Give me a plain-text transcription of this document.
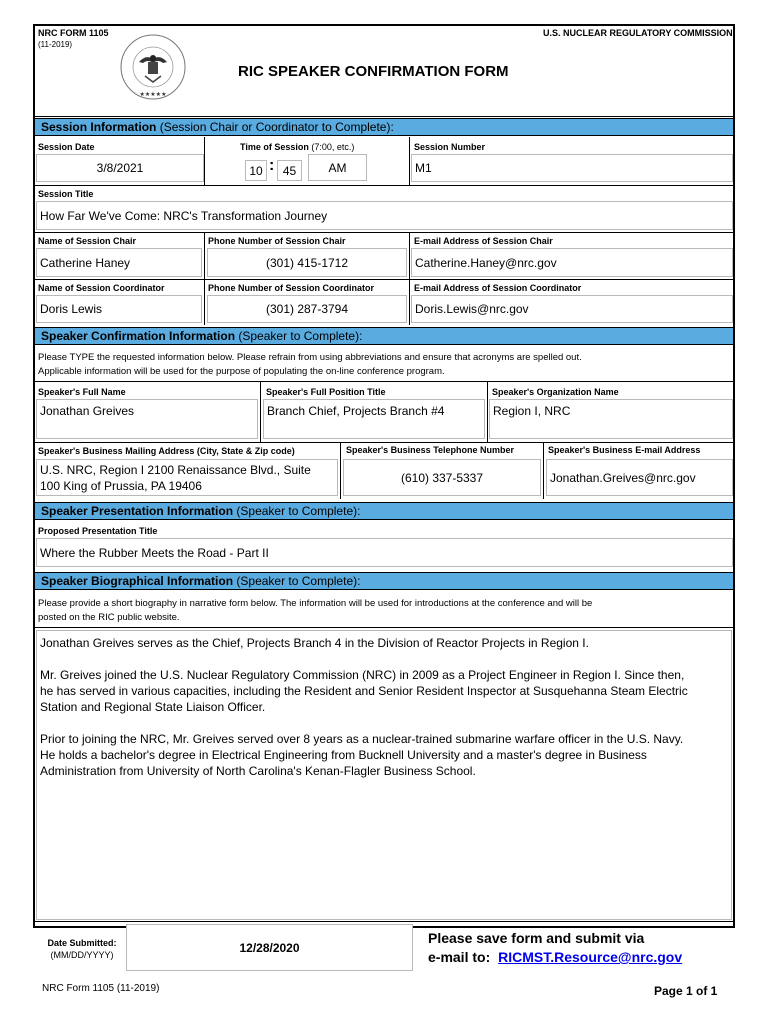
NRC FORM 1105
(11-2019)
U.S. NUCLEAR REGULATORY COMMISSION
★★★★★
RIC SPEAKER CONFIRMATION FORM
Session Information (Session Chair or Coordinator to Complete):
Session Date
3/8/2021
Time of Session (7:00, etc.)
10 : 45	AM
Session Number
M1
Session Title
How Far We've Come: NRC's Transformation Journey
Name of Session Chair	Phone Number of Session Chair	E-mail Address of Session Chair
Catherine Haney	(301) 415-1712	Catherine.Haney@nrc.gov
Name of Session Coordinator	Phone Number of Session Coordinator	E-mail Address of Session Coordinator
Doris Lewis	(301) 287-3794	Doris.Lewis@nrc.gov
Speaker Confirmation Information (Speaker to Complete):
Please TYPE the requested information below. Please refrain from using abbreviations and ensure that acronyms are spelled out.
Applicable information will be used for the purpose of populating the on-line conference program.
Speaker's Full Name	Speaker's Full Position Title	Speaker's Organization Name
Jonathan Greives	Branch Chief, Projects Branch #4	Region I, NRC
Speaker's Business Mailing Address (City, State & Zip code)	Speaker's Business Telephone Number	Speaker's Business E-mail Address
U.S. NRC, Region I 2100 Renaissance Blvd., Suite
100 King of Prussia, PA 19406
(610) 337-5337	Jonathan.Greives@nrc.gov
Speaker Presentation Information (Speaker to Complete):
Proposed Presentation Title
Where the Rubber Meets the Road - Part II
Speaker Biographical Information (Speaker to Complete):
Please provide a short biography in narrative form below. The information will be used for introductions at the conference and will be
posted on the RIC public website.

Jonathan Greives serves as the Chief, Projects Branch 4 in the Division of Reactor Projects in Region I.

Mr. Greives joined the U.S. Nuclear Regulatory Commission (NRC) in 2009 as a Project Engineer in Region I. Since then,
he has served in various capacities, including the Resident and Senior Resident Inspector at Susquehanna Steam Electric
Station and Regional State Liaison Officer.

Prior to joining the NRC, Mr. Greives served over 8 years as a nuclear-trained submarine warfare officer in the U.S. Navy.
He holds a bachelor's degree in Electrical Engineering from Bucknell University and a master's degree in Business
Administration from University of North Carolina's Kenan-Flagler Business School.

Date Submitted:
(MM/DD/YYYY)
12/28/2020
Please save form and submit via
e-mail to: RICMST.Resource@nrc.gov
NRC Form 1105 (11-2019)	Page 1 of 1
